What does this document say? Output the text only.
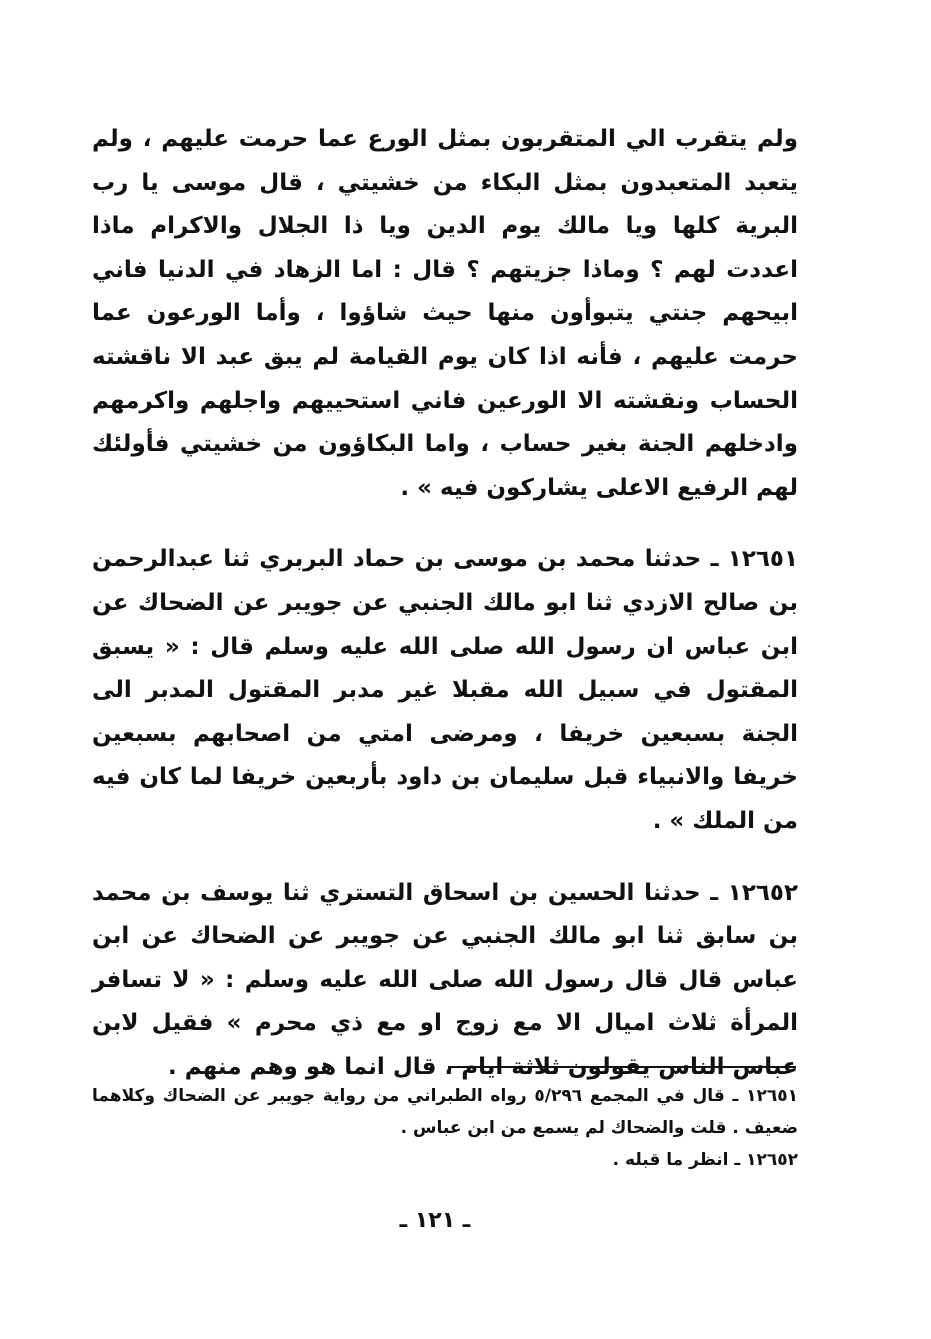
ولم يتقرب الي المتقربون بمثل الورع عما حرمت عليهم ، ولم يتعبد المتعبدون بمثل البكاء من خشيتي ، قال موسى يا رب البرية كلها ويا مالك يوم الدين ويا ذا الجلال والاكرام ماذا اعددت لهم ؟ وماذا جزيتهم ؟ قال : اما الزهاد في الدنيا فاني ابيحهم جنتي يتبوأون منها حيث شاؤوا ، وأما الورعون عما حرمت عليهم ، فأنه اذا كان يوم القيامة لم يبق عبد الا ناقشته الحساب ونقشته الا الورعين فاني استحييهم واجلهم واكرمهم وادخلهم الجنة بغير حساب ، واما البكاؤون من خشيتي فأولئك لهم الرفيع الاعلى يشاركون فيه » .

١٢٦٥١ ـ حدثنا محمد بن موسى بن حماد البربري ثنا عبدالرحمن بن صالح الازدي ثنا ابو مالك الجنبي عن جويبر عن الضحاك عن ابن عباس ان رسول الله صلى الله عليه وسلم قال : « يسبق المقتول في سبيل الله مقبلا غير مدبر المقتول المدبر الى الجنة بسبعين خريفا ، ومرضى امتي من اصحابهم بسبعين خريفا والانبياء قبل سليمان بن داود بأربعين خريفا لما كان فيه من الملك » .

١٢٦٥٢ ـ حدثنا الحسين بن اسحاق التستري ثنا يوسف بن محمد بن سابق ثنا ابو مالك الجنبي عن جويبر عن الضحاك عن ابن عباس قال قال رسول الله صلى الله عليه وسلم : « لا تسافر المرأة ثلاث اميال الا مع زوج او مع ذي محرم » فقيل لابن عباس الناس يقولون ثلاثة ايام ، قال انما هو وهم منهم .

١٢٦٥١ ـ قال في المجمع ٥/٢٩٦ رواه الطبراني من رواية جويبر عن الضحاك وكلاهما ضعيف . قلت والضحاك لم يسمع من ابن عباس .

١٢٦٥٢ ـ انظر ما قبله .

ـ ١٢١ ـ
